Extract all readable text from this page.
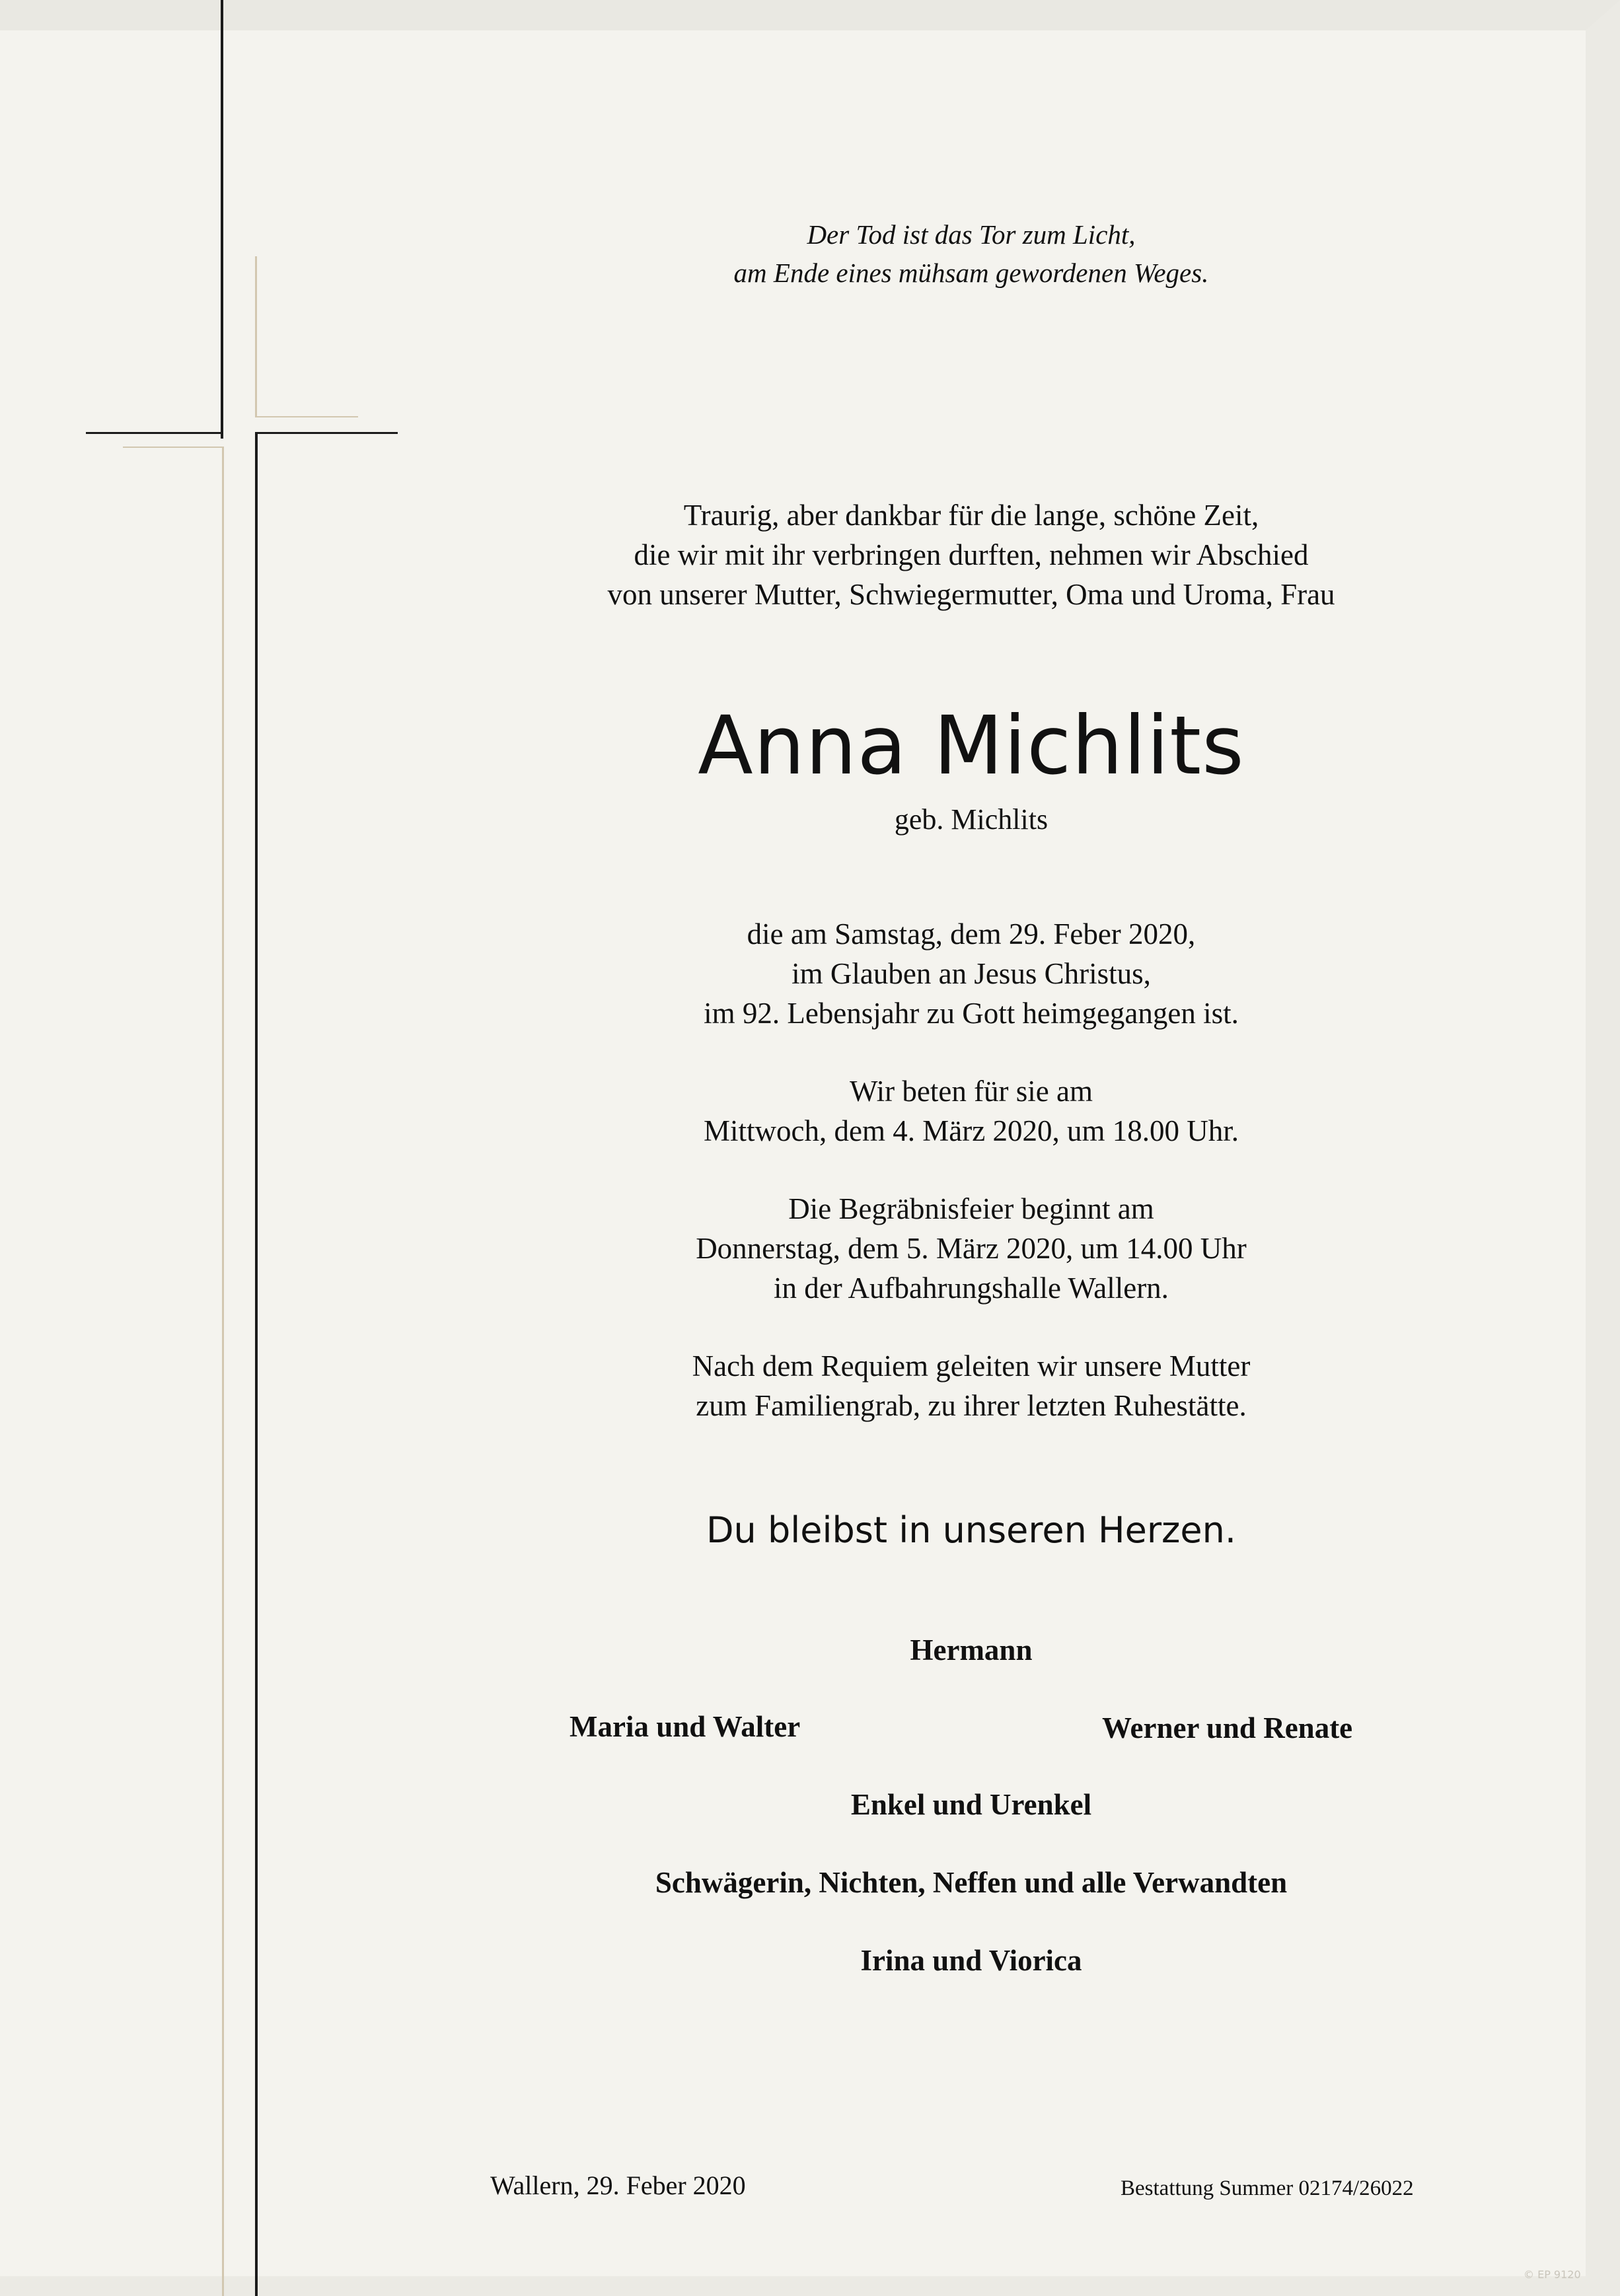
Der Tod ist das Tor zum Licht,
am Ende eines mühsam gewordenen Weges.
Traurig, aber dankbar für die lange, schöne Zeit,
die wir mit ihr verbringen durften, nehmen wir Abschied
von unserer Mutter, Schwiegermutter, Oma und Uroma, Frau
Anna Michlits
geb. Michlits
die am Samstag, dem 29. Feber 2020,
im Glauben an Jesus Christus,
im 92. Lebensjahr zu Gott heimgegangen ist.
Wir beten für sie am
Mittwoch, dem 4. März 2020, um 18.00 Uhr.
Die Begräbnisfeier beginnt am
Donnerstag, dem 5. März 2020, um 14.00 Uhr
in der Aufbahrungshalle Wallern.
Nach dem Requiem geleiten wir unsere Mutter
zum Familiengrab, zu ihrer letzten Ruhestätte.
Du bleibst in unseren Herzen.
Hermann
Maria und Walter	Werner und Renate
Enkel und Urenkel
Schwägerin, Nichten, Neffen und alle Verwandten
Irina und Viorica
Wallern, 29. Feber 2020	Bestattung Summer 02174/26022
© EP 9120
